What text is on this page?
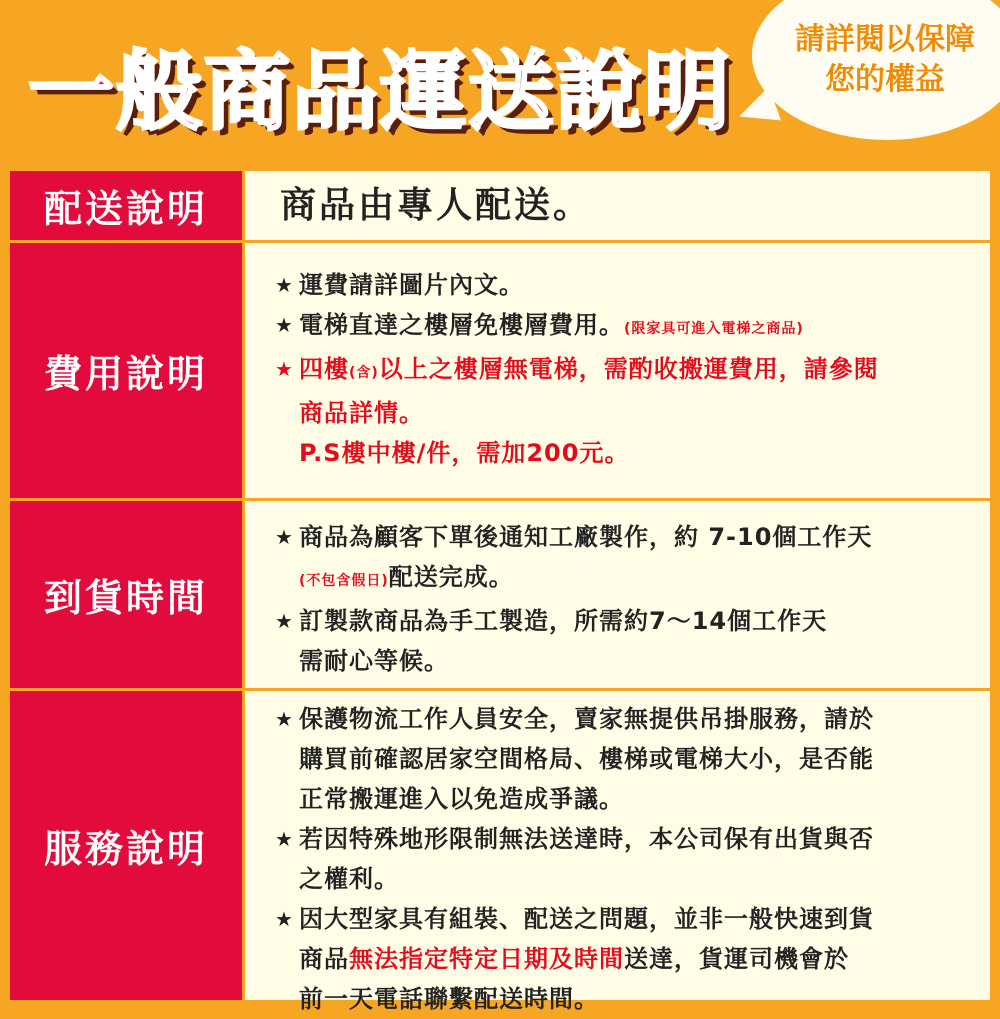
一般商品運送說明
請詳閱以保障
您的權益
配送說明	商品由專人配送。
費用說明
★ 運費請詳圖片內文。
★ 電梯直達之樓層免樓層費用。(限家具可進入電梯之商品)
★ 四樓(含)以上之樓層無電梯，需酌收搬運費用，請參閱
商品詳情。
P.S樓中樓/件，需加200元。
到貨時間
★ 商品為顧客下單後通知工廠製作，約 7-10個工作天
(不包含假日)配送完成。
★ 訂製款商品為手工製造，所需約7～14個工作天
需耐心等候。
服務說明
★ 保護物流工作人員安全，賣家無提供吊掛服務，請於
購買前確認居家空間格局、樓梯或電梯大小，是否能
正常搬運進入以免造成爭議。
★ 若因特殊地形限制無法送達時，本公司保有出貨與否
之權利。
★ 因大型家具有組裝、配送之問題，並非一般快速到貨
商品無法指定特定日期及時間送達，貨運司機會於
前一天電話聯繫配送時間。
